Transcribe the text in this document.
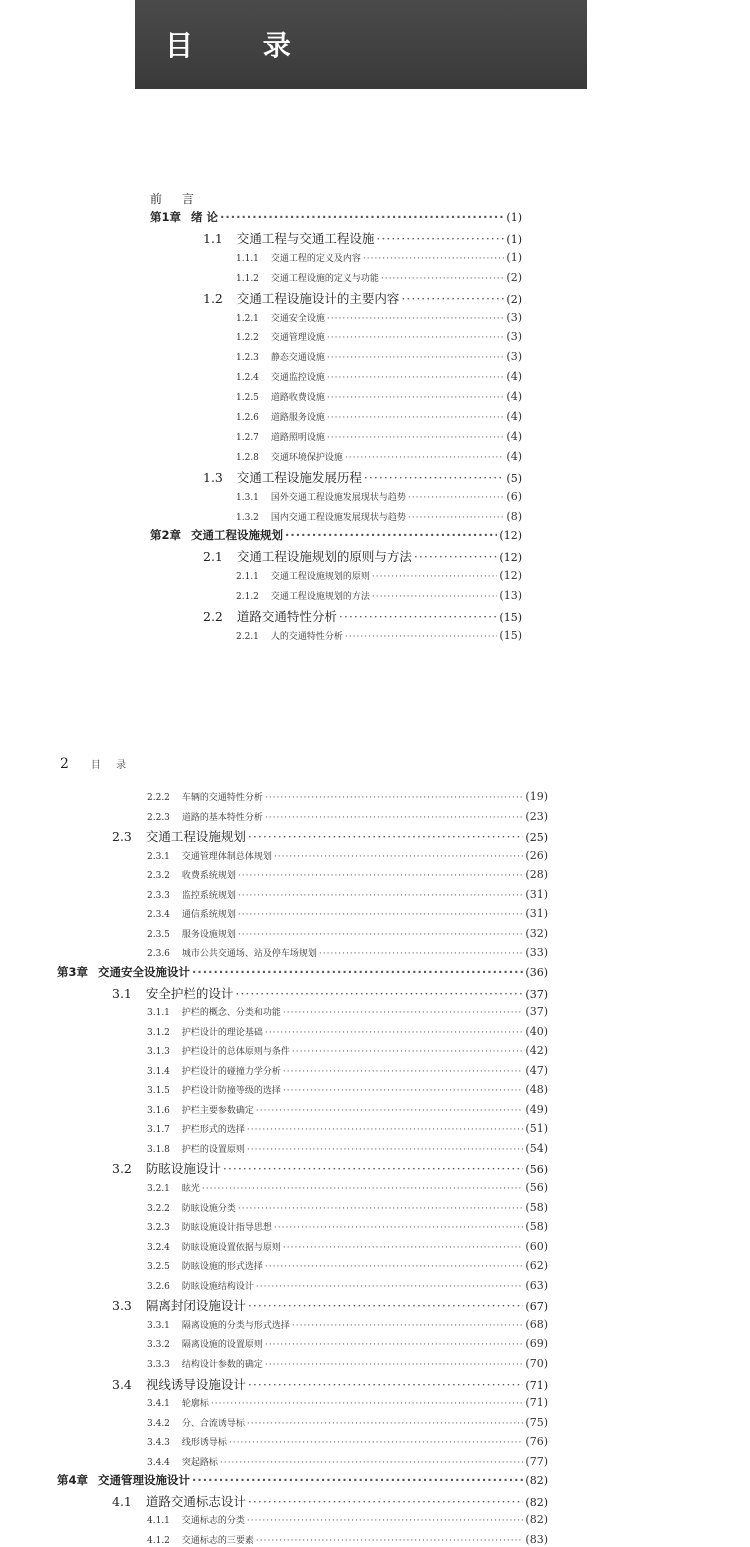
目 录
前 言
2 目 录
第1章 绪 论 ·····	(1)
1.1 交通工程与交通工程设施 ·····	(1)
1.1.1 交通工程的定义及内容 ·····	(1)
1.1.2 交通工程设施的定义与功能 ·····	(2)
1.2 交通工程设施设计的主要内容 ·····	(2)
1.2.1 交通安全设施 ·····	(3)
1.2.2 交通管理设施 ·····	(3)
1.2.3 静态交通设施 ·····	(3)
1.2.4 交通监控设施 ·····	(4)
1.2.5 道路收费设施 ·····	(4)
1.2.6 道路服务设施 ·····	(4)
1.2.7 道路照明设施 ·····	(4)
1.2.8 交通环境保护设施 ·····	(4)
1.3 交通工程设施发展历程 ·····	(5)
1.3.1 国外交通工程设施发展现状与趋势 ·····	(6)
1.3.2 国内交通工程设施发展现状与趋势 ·····	(8)
第2章 交通工程设施规划 ·····	(12)
2.1 交通工程设施规划的原则与方法 ·····	(12)
2.1.1 交通工程设施规划的原则 ·····	(12)
2.1.2 交通工程设施规划的方法 ·····	(13)
2.2 道路交通特性分析 ·····	(15)
2.2.1 人的交通特性分析 ·····	(15)
2.2.2 车辆的交通特性分析 ·····	(19)
2.2.3 道路的基本特性分析 ·····	(23)
2.3 交通工程设施规划 ·····	(25)
2.3.1 交通管理体制总体规划 ·····	(26)
2.3.2 收费系统规划 ·····	(28)
2.3.3 监控系统规划 ·····	(31)
2.3.4 通信系统规划 ·····	(31)
2.3.5 服务设施规划 ·····	(32)
2.3.6 城市公共交通场、站及停车场规划 ·····	(33)
第3章 交通安全设施设计 ·····	(36)
3.1 安全护栏的设计 ·····	(37)
3.1.1 护栏的概念、分类和功能 ·····	(37)
3.1.2 护栏设计的理论基础 ·····	(40)
3.1.3 护栏设计的总体原则与条件 ·····	(42)
3.1.4 护栏设计的碰撞力学分析 ·····	(47)
3.1.5 护栏设计防撞等级的选择 ·····	(48)
3.1.6 护栏主要参数确定 ·····	(49)
3.1.7 护栏形式的选择 ·····	(51)
3.1.8 护栏的设置原则 ·····	(54)
3.2 防眩设施设计 ·····	(56)
3.2.1 眩光 ·····	(56)
3.2.2 防眩设施分类 ·····	(58)
3.2.3 防眩设施设计指导思想 ·····	(58)
3.2.4 防眩设施设置依据与原则 ·····	(60)
3.2.5 防眩设施的形式选择 ·····	(62)
3.2.6 防眩设施结构设计 ·····	(63)
3.3 隔离封闭设施设计 ·····	(67)
3.3.1 隔离设施的分类与形式选择 ·····	(68)
3.3.2 隔离设施的设置原则 ·····	(69)
3.3.3 结构设计参数的确定 ·····	(70)
3.4 视线诱导设施设计 ·····	(71)
3.4.1 轮廓标 ·····	(71)
3.4.2 分、合流诱导标 ·····	(75)
3.4.3 线形诱导标 ·····	(76)
3.4.4 突起路标 ·····	(77)
第4章 交通管理设施设计 ·····	(82)
4.1 道路交通标志设计 ·····	(82)
4.1.1 交通标志的分类 ·····	(82)
4.1.2 交通标志的三要素 ·····	(83)
